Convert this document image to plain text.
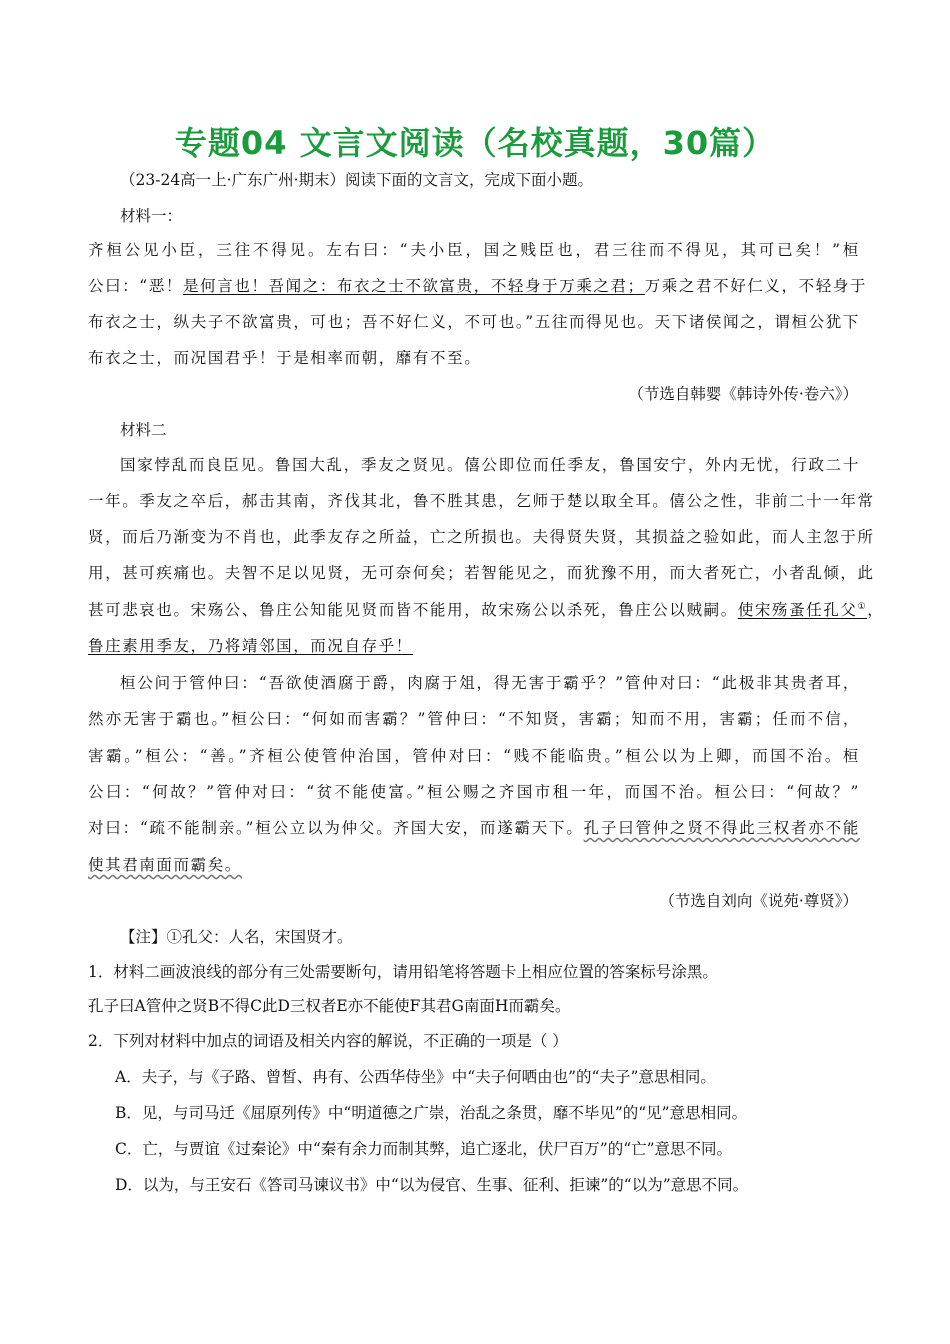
专题04 文言文阅读（名校真题，30篇）
（23-24高一上·广东广州·期末）阅读下面的文言文，完成下面小题。
材料一：
齐桓公见小臣，三往不得见。左右曰：“夫小臣，国之贱臣也，君三往而不得见，其可已矣！”桓
公曰：“恶！是何言也！吾闻之：布衣之士不欲富贵，不轻身于万乘之君；万乘之君不好仁义，不轻身于
布衣之士，纵夫子不欲富贵，可也；吾不好仁义，不可也。”五往而得见也。天下诸侯闻之，谓桓公犹下
布衣之士，而况国君乎！于是相率而朝，靡有不至。
（节选自韩婴《韩诗外传·卷六》）
材料二
国家悖乱而良臣见。鲁国大乱，季友之贤见。僖公即位而任季友，鲁国安宁，外内无忧，行政二十
一年。季友之卒后，郝击其南，齐伐其北，鲁不胜其患，乞师于楚以取全耳。僖公之性，非前二十一年常
贤，而后乃渐变为不肖也，此季友存之所益，亡之所损也。夫得贤失贤，其损益之验如此，而人主忽于所
用，甚可疾痛也。夫智不足以见贤，无可奈何矣；若智能见之，而犹豫不用，而大者死亡，小者乱倾，此
甚可悲哀也。宋殇公、鲁庄公知能见贤而皆不能用，故宋殇公以杀死，鲁庄公以贼嗣。使宋殇蚤任孔父①，
鲁庄素用季友，乃将靖邻国，而况自存乎！
桓公问于管仲曰：“吾欲使酒腐于爵，肉腐于俎，得无害于霸乎？”管仲对曰：“此极非其贵者耳，
然亦无害于霸也。”桓公曰：“何如而害霸？”管仲曰：“不知贤，害霸；知而不用，害霸；任而不信，
害霸。”桓公：“善。”齐桓公使管仲治国，管仲对曰：“贱不能临贵。”桓公以为上卿，而国不治。桓
公曰：“何故？”管仲对曰：“贫不能使富。”桓公赐之齐国市租一年，而国不治。桓公曰：“何故？”
对曰：“疏不能制亲。”桓公立以为仲父。齐国大安，而遂霸天下。孔子曰管仲之贤不得此三权者亦不能
使其君南面而霸矣。
（节选自刘向《说苑·尊贤》）
【注】①孔父：人名，宋国贤才。
1．材料二画波浪线的部分有三处需要断句，请用铅笔将答题卡上相应位置的答案标号涂黑。
孔子曰A管仲之贤B不得C此D三权者E亦不能使F其君G南面H而霸矣。
2．下列对材料中加点的词语及相关内容的解说，不正确的一项是（ ）
A．夫子，与《子路、曾皙、冉有、公西华侍坐》中“夫子何哂由也”的“夫子”意思相同。
B．见，与司马迁《屈原列传》中“明道德之广崇，治乱之条贯，靡不毕见”的“见”意思相同。
C．亡，与贾谊《过秦论》中“秦有余力而制其弊，追亡逐北，伏尸百万”的“亡”意思不同。
D．以为，与王安石《答司马谏议书》中“以为侵官、生事、征利、拒谏”的“以为”意思不同。
